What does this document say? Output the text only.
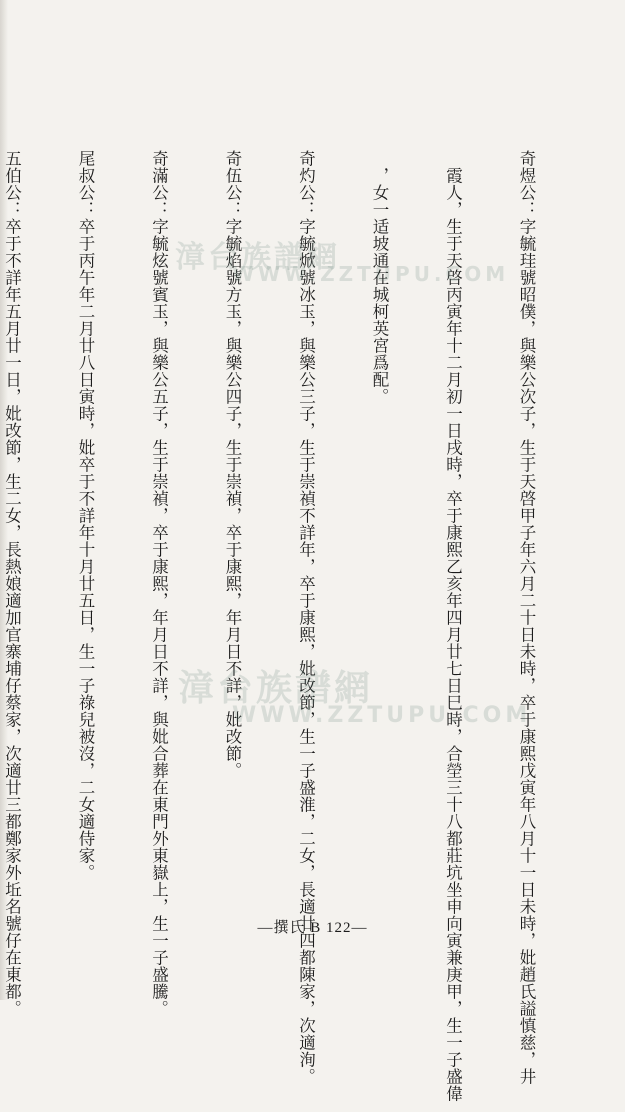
奇煜公：字毓珪號昭僕，與樂公次子，生于天啓甲子年六月二十日未時，卒于康熙戊寅年八月十一日未時，妣趙氏謚慎慈，井

　霞人，生于天啓丙寅年十二月初一日戌時，卒于康熙乙亥年四月廿七日巳時，合塋三十八都莊坑坐申向寅兼庚甲，生一子盛偉

　，女一适坡通在城柯英宮爲配。

奇灼公：字毓焮號冰玉，與樂公三子，生于崇禎不詳年，卒于康熙，妣改節，生一子盛淮，二女，長適廿四都陳家，次適洵。

奇伍公：字毓焰號方玉，與樂公四子，生于崇禎，卒于康熙，年月日不詳，妣改節。

奇滿公：字毓炫號賓玉，與樂公五子，生于崇禎，卒于康熙，年月日不詳，與妣合葬在東門外東嶽上，生一子盛騰。

尾叔公：卒于丙午年二月廿八日寅時，妣卒于不詳年十月廿五日，生一子祿兒被沒，二女適侍家。

五伯公：卒于不詳年五月廿一日，妣改節，生二女，長熱娘適加官寨埔仔蔡家，次適廿三都鄭家外坵名號仔在東都。

	漳台族譜網
WWW.ZZTUPU.COM
漳台族譜網
WWW.ZZTUPU.COM
—撰氏 B 122—
